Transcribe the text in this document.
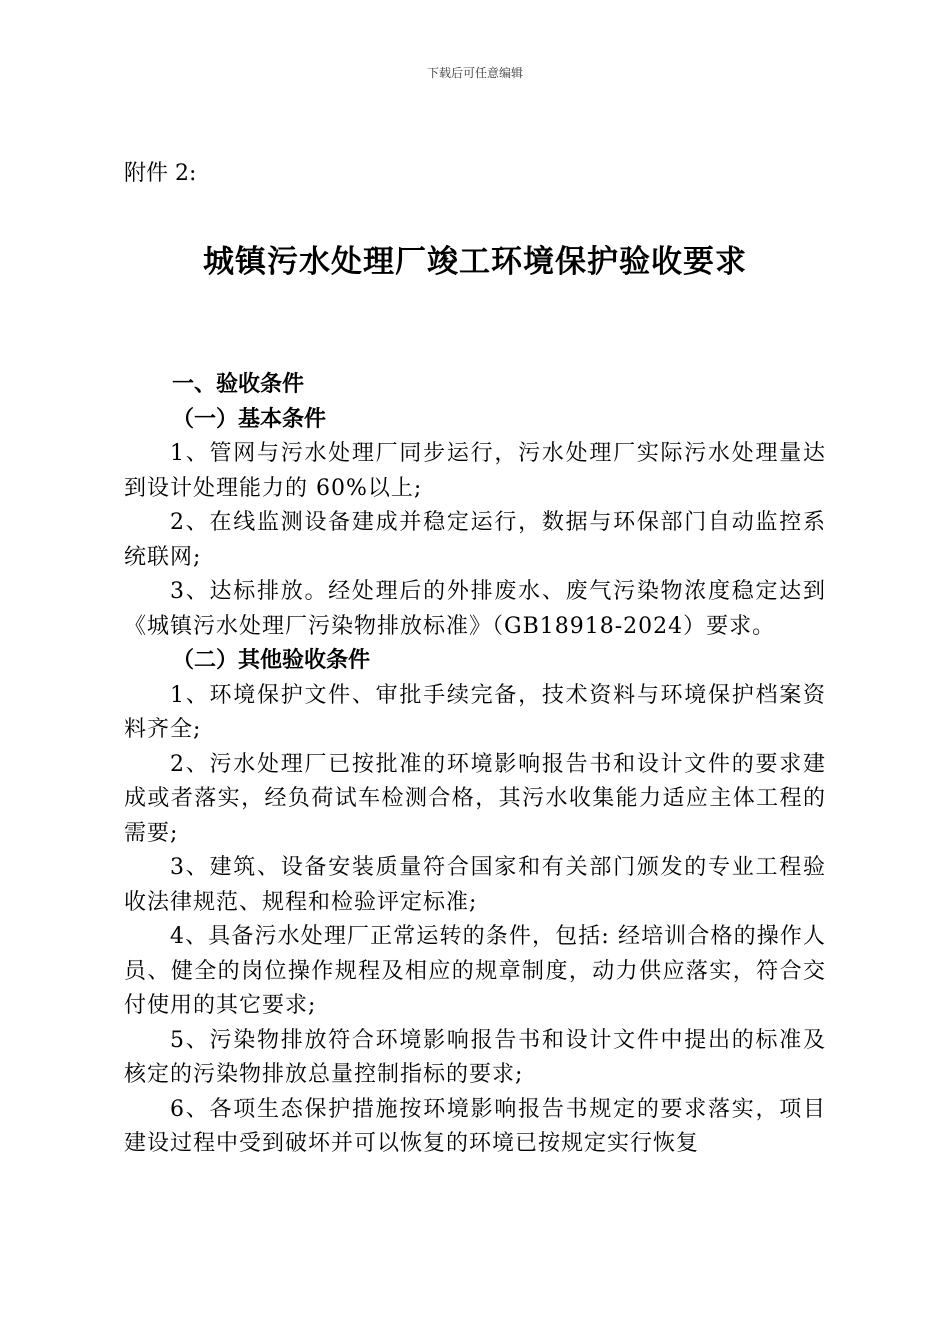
下载后可任意编辑
附件 2:
城镇污水处理厂竣工环境保护验收要求
一、验收条件
（一）基本条件

1、管网与污水处理厂同步运行，污水处理厂实际污水处理量达到设计处理能力的 60%以上;

2、在线监测设备建成并稳定运行，数据与环保部门自动监控系统联网;

3、达标排放。经处理后的外排废水、废气污染物浓度稳定达到《城镇污水处理厂污染物排放标准》（GB18918-2024）要求。

（二）其他验收条件

1、环境保护文件、审批手续完备，技术资料与环境保护档案资料齐全;

2、污水处理厂已按批准的环境影响报告书和设计文件的要求建成或者落实，经负荷试车检测合格，其污水收集能力适应主体工程的需要;

3、建筑、设备安装质量符合国家和有关部门颁发的专业工程验收法律规范、规程和检验评定标准;

4、具备污水处理厂正常运转的条件，包括: 经培训合格的操作人员、健全的岗位操作规程及相应的规章制度，动力供应落实，符合交付使用的其它要求;

5、污染物排放符合环境影响报告书和设计文件中提出的标准及核定的污染物排放总量控制指标的要求;

6、各项生态保护措施按环境影响报告书规定的要求落实，项目建设过程中受到破坏并可以恢复的环境已按规定实行恢复
